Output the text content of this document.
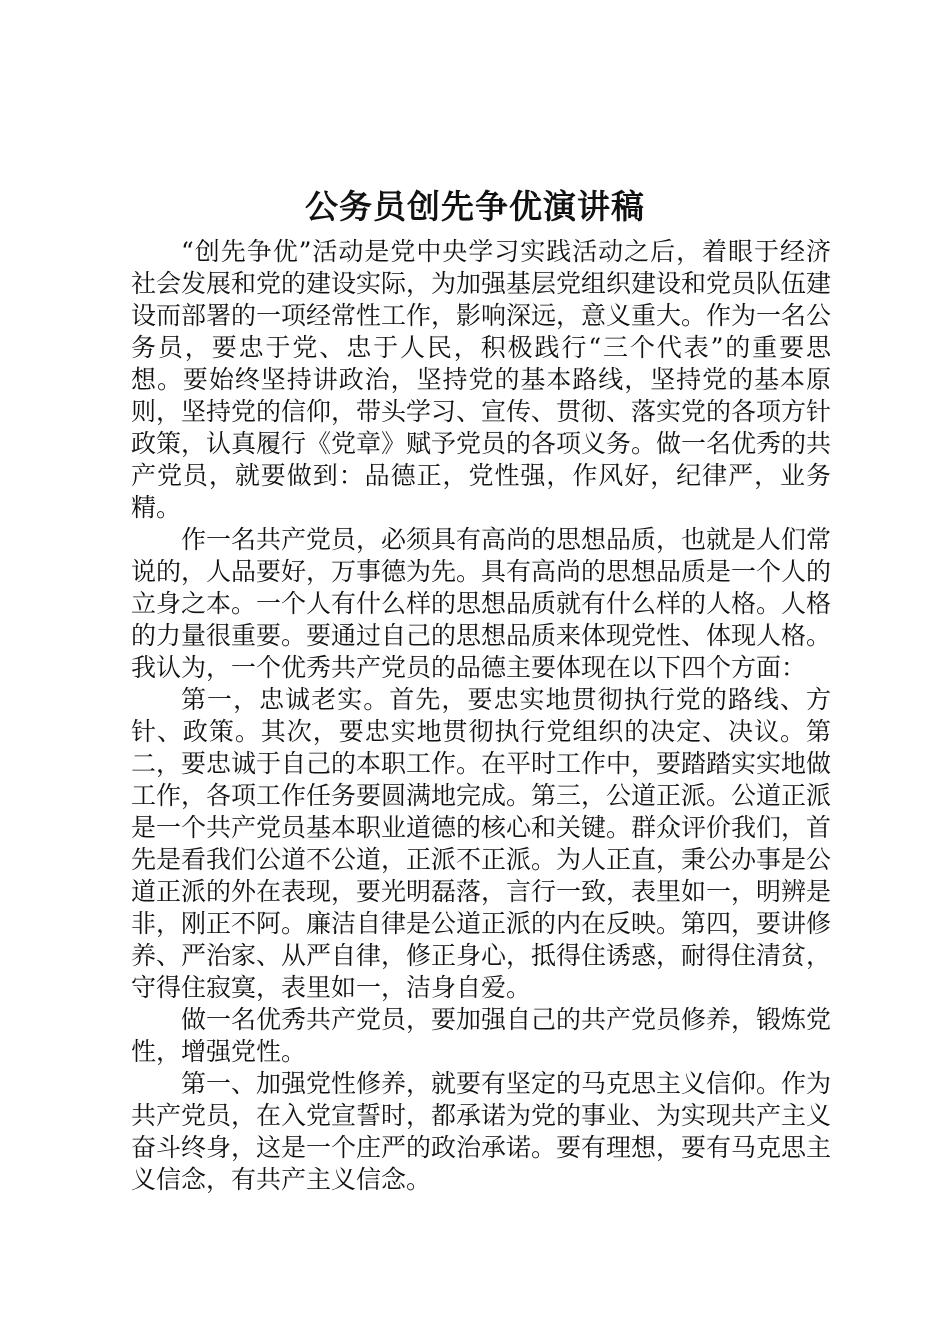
公务员创先争优演讲稿

“创先争优”活动是党中央学习实践活动之后，着眼于经济社会发展和党的建设实际，为加强基层党组织建设和党员队伍建设而部署的一项经常性工作，影响深远，意义重大。作为一名公务员，要忠于党、忠于人民，积极践行“三个代表”的重要思想。要始终坚持讲政治，坚持党的基本路线，坚持党的基本原则，坚持党的信仰，带头学习、宣传、贯彻、落实党的各项方针政策，认真履行《党章》赋予党员的各项义务。做一名优秀的共产党员，就要做到：品德正，党性强，作风好，纪律严，业务精。

作一名共产党员，必须具有高尚的思想品质，也就是人们常说的，人品要好，万事德为先。具有高尚的思想品质是一个人的立身之本。一个人有什么样的思想品质就有什么样的人格。人格的力量很重要。要通过自己的思想品质来体现党性、体现人格。我认为，一个优秀共产党员的品德主要体现在以下四个方面：

第一，忠诚老实。首先，要忠实地贯彻执行党的路线、方针、政策。其次，要忠实地贯彻执行党组织的决定、决议。第二，要忠诚于自己的本职工作。在平时工作中，要踏踏实实地做工作，各项工作任务要圆满地完成。第三，公道正派。公道正派是一个共产党员基本职业道德的核心和关键。群众评价我们，首先是看我们公道不公道，正派不正派。为人正直，秉公办事是公道正派的外在表现，要光明磊落，言行一致，表里如一，明辨是非，刚正不阿。廉洁自律是公道正派的内在反映。第四，要讲修养、严治家、从严自律，修正身心，抵得住诱惑，耐得住清贫，守得住寂寞，表里如一，洁身自爱。

做一名优秀共产党员，要加强自己的共产党员修养，锻炼党性，增强党性。

第一、加强党性修养，就要有坚定的马克思主义信仰。作为共产党员，在入党宣誓时，都承诺为党的事业、为实现共产主义奋斗终身，这是一个庄严的政治承诺。要有理想，要有马克思主义信念，有共产主义信念。
